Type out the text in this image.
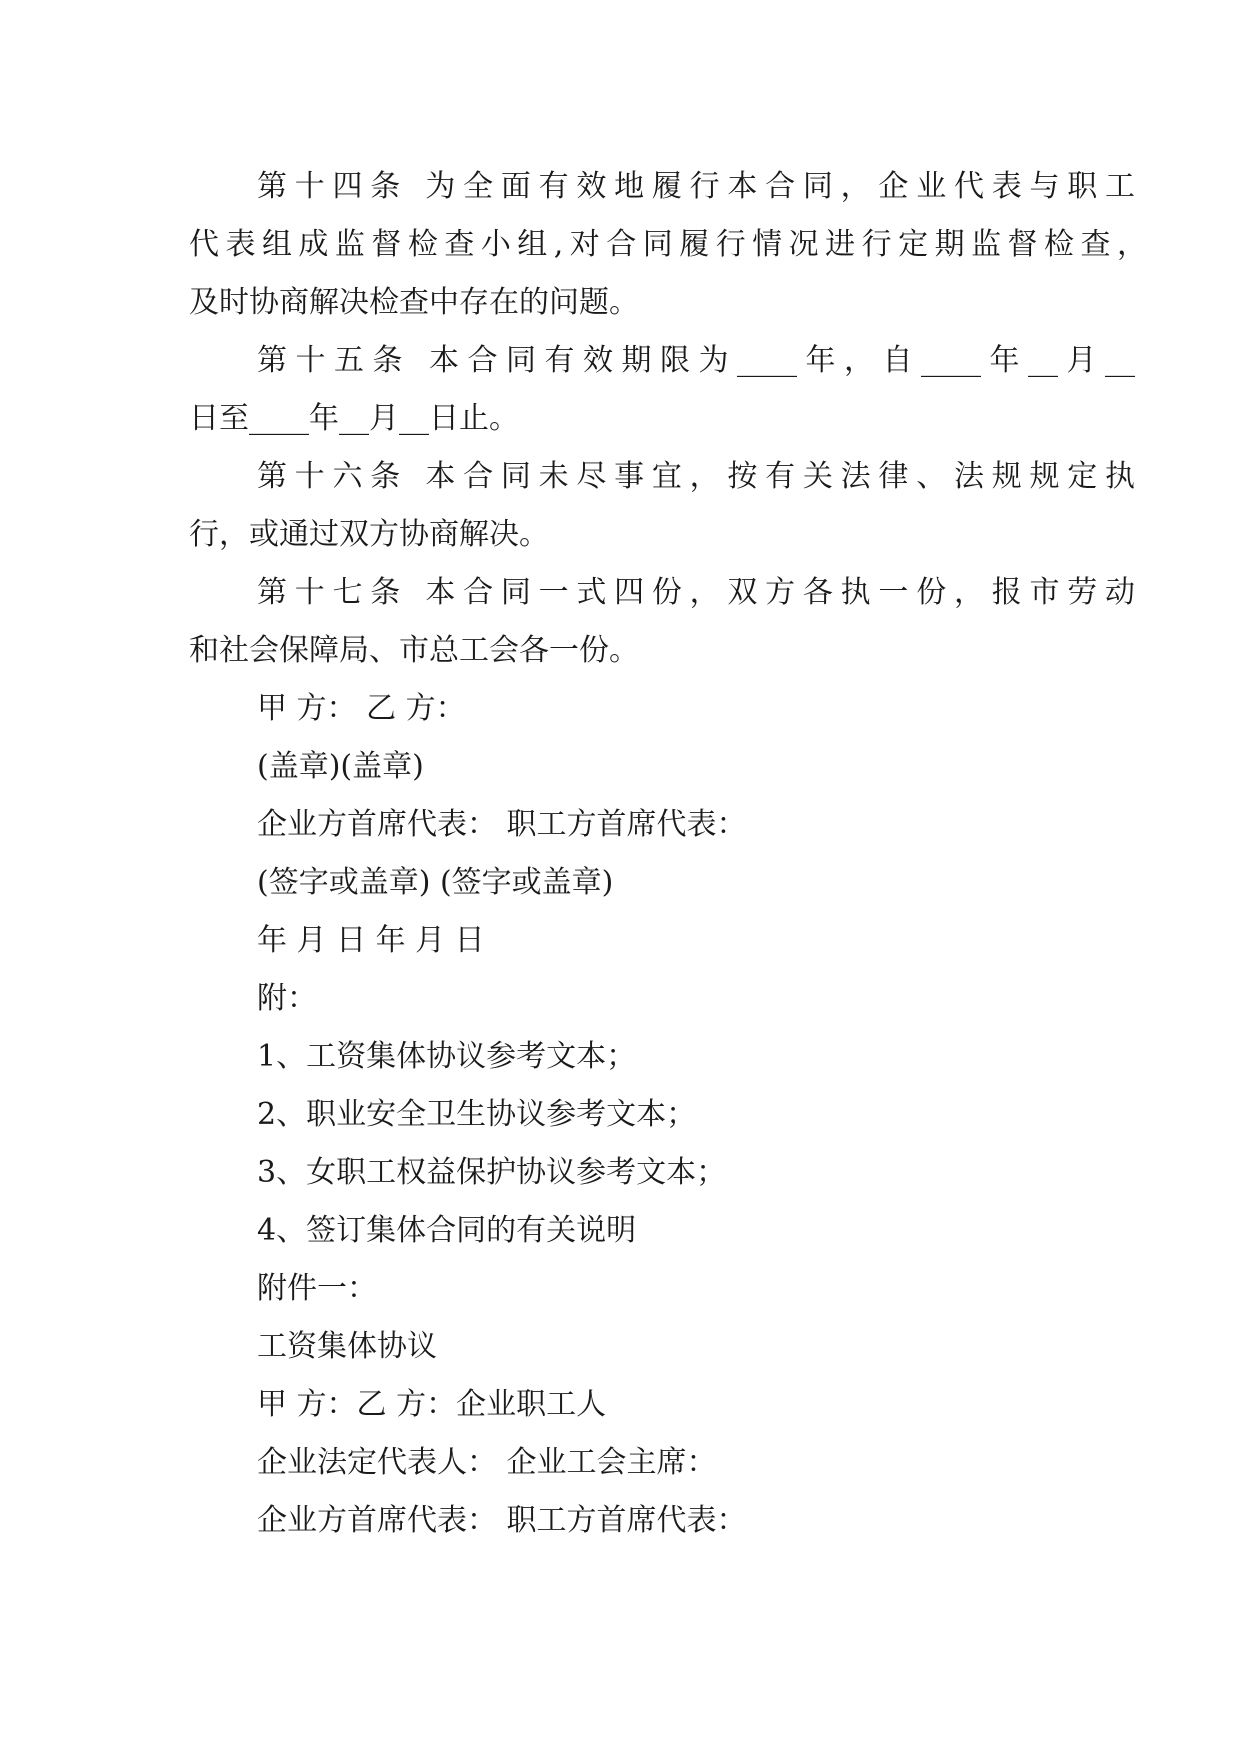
第十四条 为全面有效地履行本合同，企业代表与职工
代表组成监督检查小组,对合同履行情况进行定期监督检查，
及时协商解决检查中存在的问题。
第十五条 本合同有效期限为____年，自____年__月__
日至____年__月__日止。
第十六条 本合同未尽事宜，按有关法律、法规规定执
行，或通过双方协商解决。
第十七条 本合同一式四份，双方各执一份，报市劳动
和社会保障局、市总工会各一份。
甲 方： 乙 方：
(盖章)(盖章)
企业方首席代表： 职工方首席代表：
(签字或盖章) (签字或盖章)
年 月 日 年 月 日
附：
1、工资集体协议参考文本；
2、职业安全卫生协议参考文本；
3、女职工权益保护协议参考文本；
4、签订集体合同的有关说明
附件一：
工资集体协议
甲 方：乙 方：企业职工人
企业法定代表人： 企业工会主席：
企业方首席代表： 职工方首席代表：
